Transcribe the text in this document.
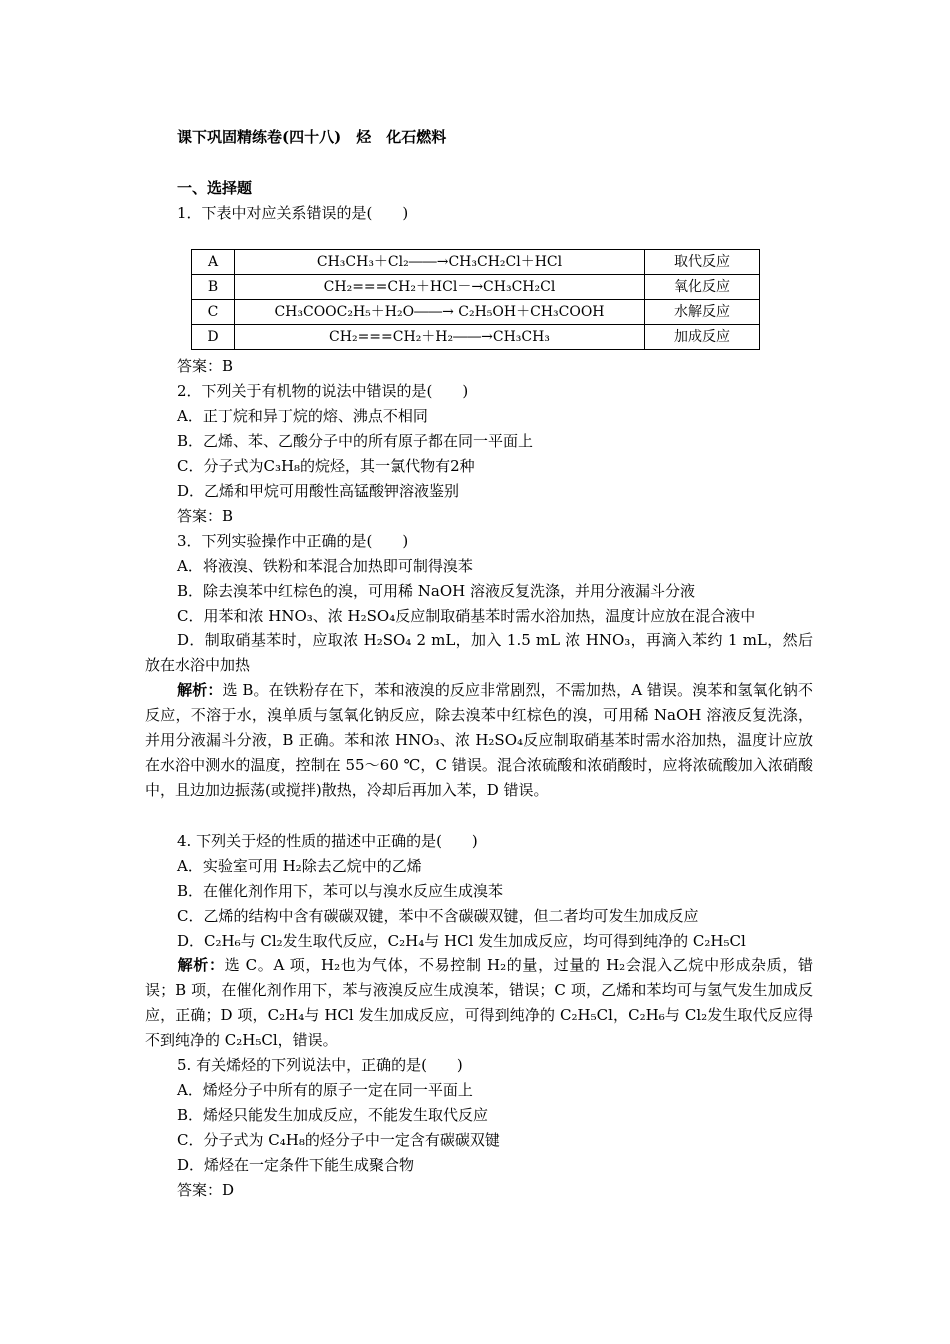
课下巩固精练卷(四十八)　烃　化石燃料
一、选择题
1．下表中对应关系错误的是(　　)
A	CH₃CH₃＋Cl₂――→CH₃CH₂Cl＋HCl	取代反应
B	CH₂===CH₂＋HCl－→CH₃CH₂Cl	氧化反应
C	CH₃COOC₂H₅＋H₂O――→ C₂H₅OH＋CH₃COOH	水解反应
D	CH₂===CH₂＋H₂――→CH₃CH₃	加成反应
答案：B
2．下列关于有机物的说法中错误的是(　　)
A．正丁烷和异丁烷的熔、沸点不相同
B．乙烯、苯、乙酸分子中的所有原子都在同一平面上
C．分子式为C₃H₈的烷烃，其一氯代物有2种
D．乙烯和甲烷可用酸性高锰酸钾溶液鉴别
答案：B
3．下列实验操作中正确的是(　　)
A．将液溴、铁粉和苯混合加热即可制得溴苯
B．除去溴苯中红棕色的溴，可用稀 NaOH 溶液反复洗涤，并用分液漏斗分液
C．用苯和浓 HNO₃、浓 H₂SO₄反应制取硝基苯时需水浴加热，温度计应放在混合液中
D．制取硝基苯时，应取浓 H₂SO₄ 2 mL，加入 1.5 mL 浓 HNO₃，再滴入苯约 1 mL，然后放在水浴中加热
解析：选 B。在铁粉存在下，苯和液溴的反应非常剧烈，不需加热，A 错误。溴苯和氢氧化钠不反应，不溶于水，溴单质与氢氧化钠反应，除去溴苯中红棕色的溴，可用稀 NaOH 溶液反复洗涤，并用分液漏斗分液，B 正确。苯和浓 HNO₃、浓 H₂SO₄反应制取硝基苯时需水浴加热，温度计应放在水浴中测水的温度，控制在 55～60 ℃，C 错误。混合浓硫酸和浓硝酸时，应将浓硫酸加入浓硝酸中，且边加边振荡(或搅拌)散热，冷却后再加入苯，D 错误。
4. 下列关于烃的性质的描述中正确的是(　　)
A．实验室可用 H₂除去乙烷中的乙烯
B．在催化剂作用下，苯可以与溴水反应生成溴苯
C．乙烯的结构中含有碳碳双键，苯中不含碳碳双键，但二者均可发生加成反应
D．C₂H₆与 Cl₂发生取代反应，C₂H₄与 HCl 发生加成反应，均可得到纯净的 C₂H₅Cl
解析：选 C。A 项，H₂也为气体，不易控制 H₂的量，过量的 H₂会混入乙烷中形成杂质，错误；B 项，在催化剂作用下，苯与液溴反应生成溴苯，错误；C 项，乙烯和苯均可与氢气发生加成反应，正确；D 项，C₂H₄与 HCl 发生加成反应，可得到纯净的 C₂H₅Cl，C₂H₆与 Cl₂发生取代反应得不到纯净的 C₂H₅Cl，错误。
5. 有关烯烃的下列说法中，正确的是(　　)
A．烯烃分子中所有的原子一定在同一平面上
B．烯烃只能发生加成反应，不能发生取代反应
C．分子式为 C₄H₈的烃分子中一定含有碳碳双键
D．烯烃在一定条件下能生成聚合物
答案：D
